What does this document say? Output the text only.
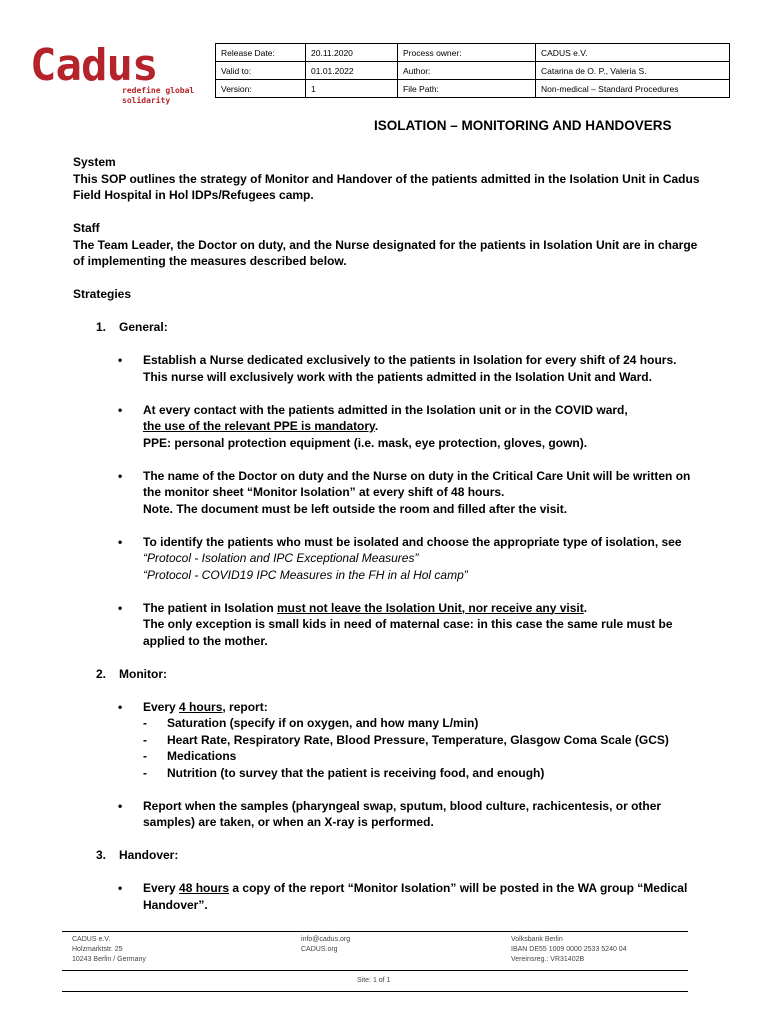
Cadus
redefine global solidarity
Release Date:	20.11.2020	Process owner:	CADUS e.V.
Valid to:	01.01.2022	Author:	Catarina de O. P., Valeria S.
Version:	1	File Path:	Non-medical – Standard Procedures
ISOLATION – MONITORING AND HANDOVERS

System

This SOP outlines the strategy of Monitor and Handover of the patients admitted in the Isolation Unit in Cadus Field Hospital in Hol IDPs/Refugees camp.

Staff

The Team Leader, the Doctor on duty, and the Nurse designated for the patients in Isolation Unit are in charge of implementing the measures described below.

Strategies

1.	General:
•	Establish a Nurse dedicated exclusively to the patients in Isolation for every shift of 24 hours. This nurse will exclusively work with the patients admitted in the Isolation Unit and Ward.
•	At every contact with the patients admitted in the Isolation unit or in the COVID ward,
the use of the relevant PPE is mandatory.
PPE: personal protection equipment (i.e. mask, eye protection, gloves, gown).
•	The name of the Doctor on duty and the Nurse on duty in the Critical Care Unit will be written on the monitor sheet “Monitor Isolation” at every shift of 48 hours.
Note. The document must be left outside the room and filled after the visit.
•	To identify the patients who must be isolated and choose the appropriate type of isolation, see
“Protocol - Isolation and IPC Exceptional Measures”
“Protocol - COVID19 IPC Measures in the FH in al Hol camp”
•	The patient in Isolation must not leave the Isolation Unit, nor receive any visit.
The only exception is small kids in need of maternal case: in this case the same rule must be applied to the mother.
2.	Monitor:
•	Every 4 hours, report:
-	Saturation (specify if on oxygen, and how many L/min)
-	Heart Rate, Respiratory Rate, Blood Pressure, Temperature, Glasgow Coma Scale (GCS)
-	Medications
-	Nutrition (to survey that the patient is receiving food, and enough)
•	Report when the samples (pharyngeal swap, sputum, blood culture, rachicentesis, or other samples) are taken, or when an X-ray is performed.
3.	Handover:
•	Every 48 hours a copy of the report “Monitor Isolation” will be posted in the WA group “Medical Handover”.
CADUS e.V.
Holzmarktstr. 25
10243 Berlin / Germany
info@cadus.org
CADUS.org
Volksbank Berlin
IBAN DE55 1009 0000 2533 5240 04
Vereinsreg.: VR31402B
Site: 1 of 1
